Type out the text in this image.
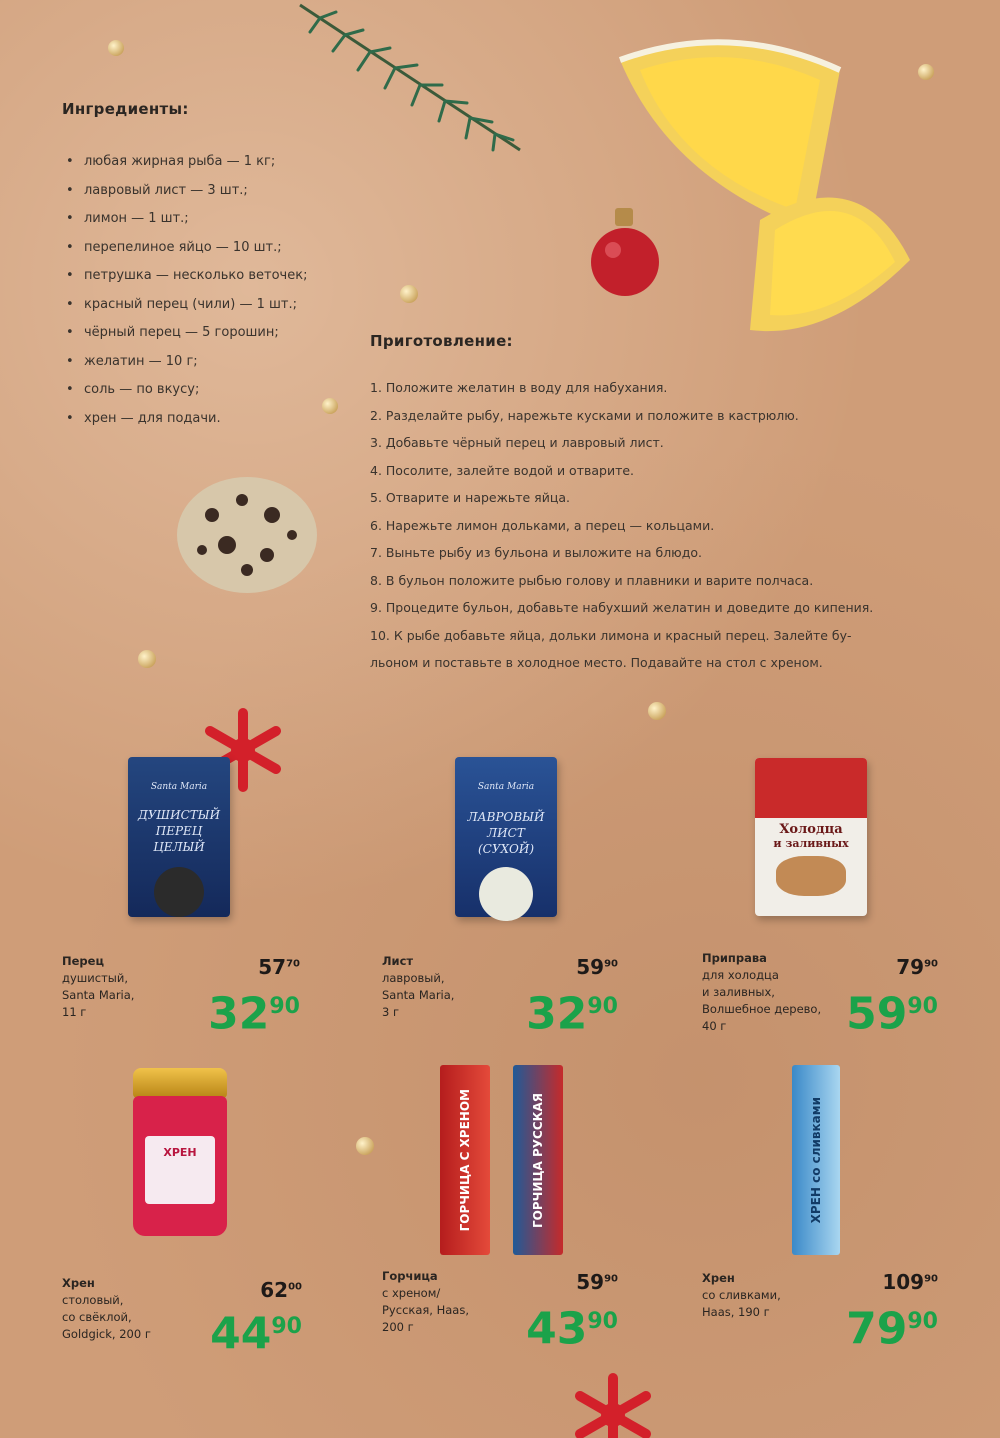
Ингредиенты:
• любая жирная рыба — 1 кг;
• лавровый лист — 3 шт.;
• лимон — 1 шт.;
• перепелиное яйцо — 10 шт.;
• петрушка — несколько веточек;
• красный перец (чили) — 1 шт.;
• чёрный перец — 5 горошин;
• желатин — 10 г;
• соль — по вкусу;
• хрен — для подачи.
Приготовление:
1. Положите желатин в воду для набухания.
2. Разделайте рыбу, нарежьте кусками и положите в кастрюлю.
3. Добавьте чёрный перец и лавровый лист.
4. Посолите, залейте водой и отварите.
5. Отварите и нарежьте яйца.
6. Нарежьте лимон дольками, а перец — кольцами.
7. Выньте рыбу из бульона и выложите на блюдо.
8. В бульон положите рыбью голову и плавники и варите полчаса.
9. Процедите бульон, добавьте набухший желатин и доведите до кипения.
10. К рыбе добавьте яйца, дольки лимона и красный перец. Залейте бу-
льоном и поставьте в холодное место. Подавайте на стол с хреном.
Santa Maria
ДУШИСТЫЙ ПЕРЕЦ ЦЕЛЫЙ
Santa Maria
ЛАВРОВЫЙ ЛИСТ (СУХОЙ)
Холодца
и заливных
ХРЕН	ГОРЧИЦА С ХРЕНОМ	ГОРЧИЦА РУССКАЯ	ХРЕН со сливками
Перец
душистый,
Santa Maria,
11 г
$57^{70}$
$32^{90}$
Лист
лавровый,
Santa Maria,
3 г
$59^{90}$
$32^{90}$
Приправа
для холодца
и заливных,
Волшебное дерево,
40 г
$79^{90}$
$59^{90}$
Хрен
столовый,
со свёклой,
Goldgick, 200 г
$62^{00}$
$44^{90}$
Горчица
с хреном/
Русская, Haas,
200 г
$59^{90}$
$43^{90}$
Хрен
со сливками,
Haas, 190 г
$109^{90}$
$79^{90}$
